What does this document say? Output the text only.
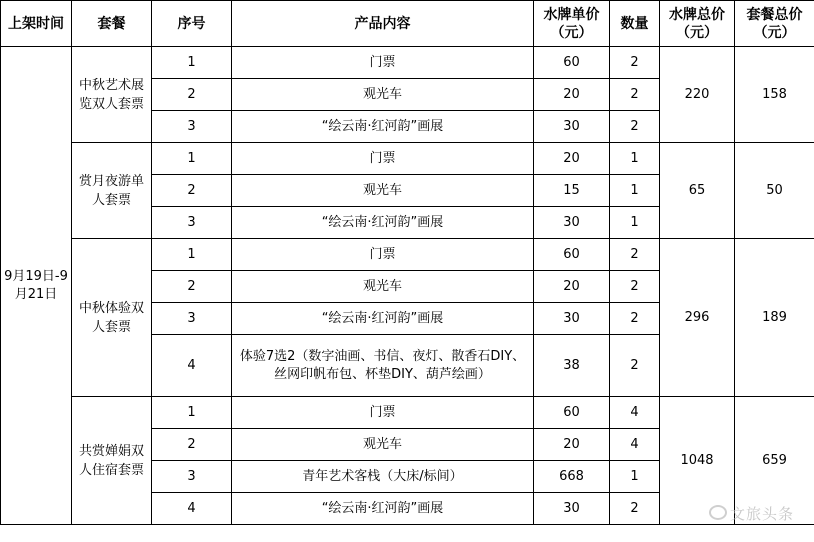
上架时间	套餐	序号	产品内容	水牌单价（元）	数量	水牌总价（元）	套餐总价（元）
9月19日-9月21日	中秋艺术展览双人套票	1	门票	60	2	220	158
		2	观光车	20	2		
		3	“绘云南·红河韵”画展	30	2		
	赏月夜游单人套票	1	门票	20	1	65	50
		2	观光车	15	1		
		3	“绘云南·红河韵”画展	30	1		
	中秋体验双人套票	1	门票	60	2	296	189
		2	观光车	20	2		
		3	“绘云南·红河韵”画展	30	2		
		4	体验7选2（数字油画、书信、夜灯、散香石DIY、丝网印帆布包、杯垫DIY、葫芦绘画）	38	2		
	共赏婵娟双人住宿套票	1	门票	60	4	1048	659
		2	观光车	20	4		
		3	青年艺术客栈（大床/标间）	668	1		
		4	“绘云南·红河韵”画展	30	2			文旅头条
